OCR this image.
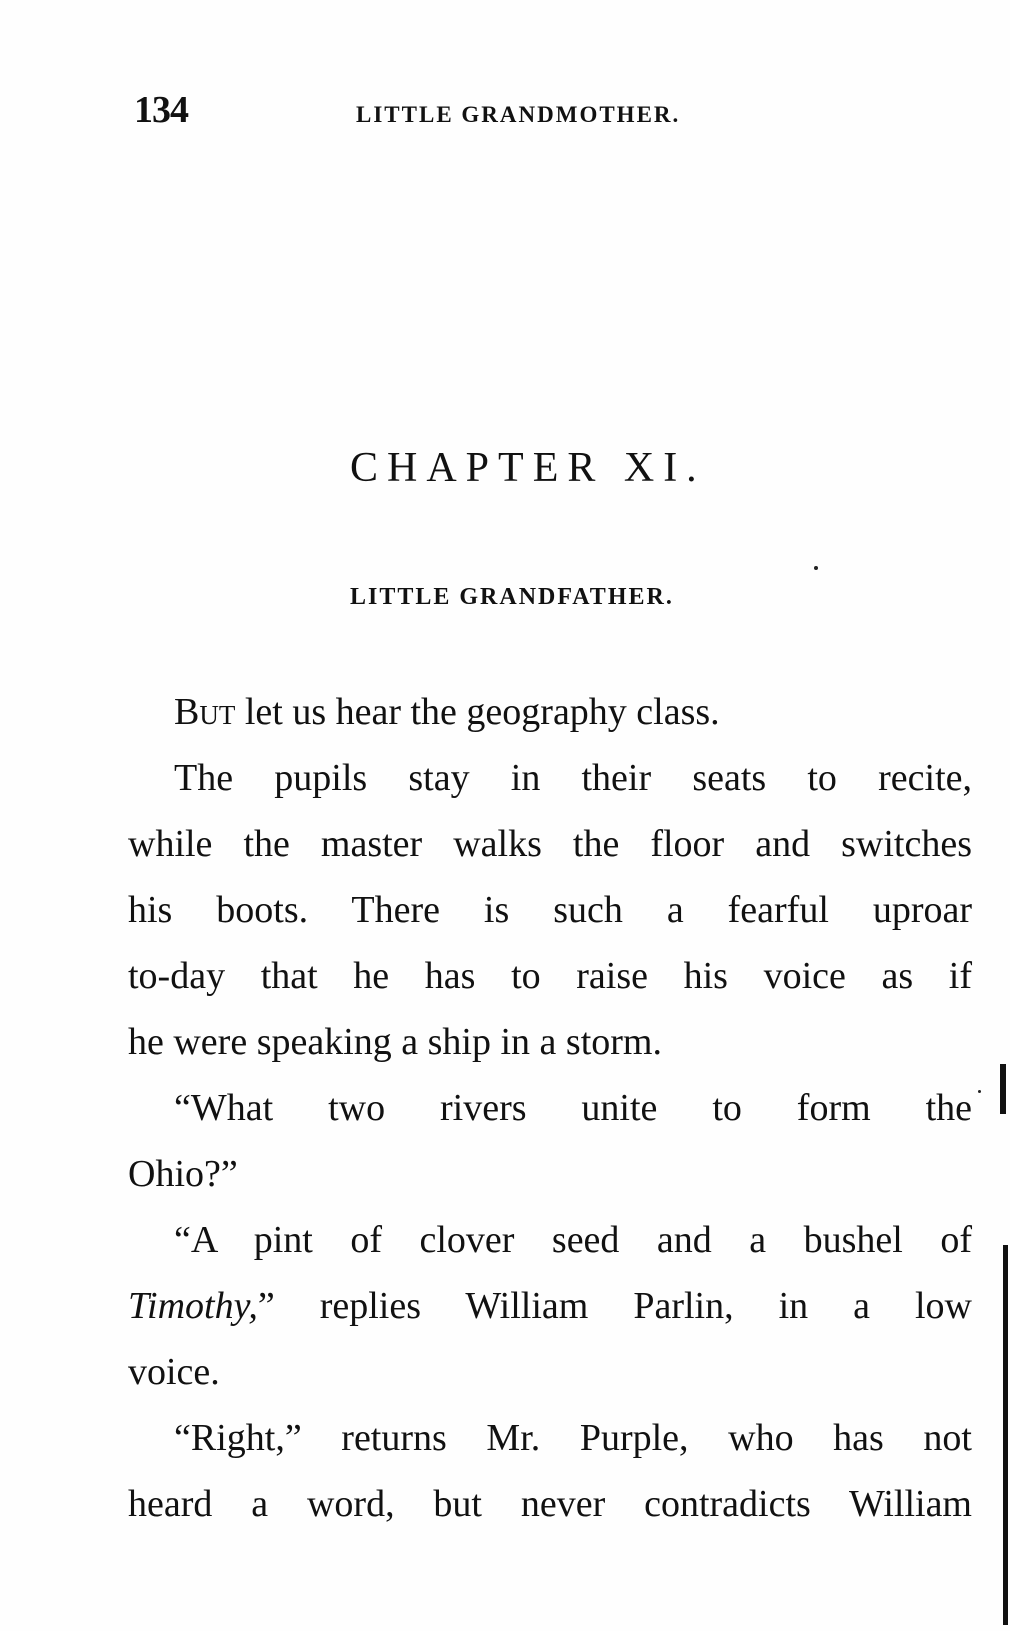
134	LITTLE GRANDMOTHER.
CHAPTER XI.
LITTLE GRANDFATHER.
But let us hear the geography class.
The pupils stay in their seats to recite,
while the master walks the floor and switches
his boots. There is such a fearful uproar
to-day that he has to raise his voice as if
he were speaking a ship in a storm.
“What two rivers unite to form the
Ohio?”
“A pint of clover seed and a bushel of
Timothy,” replies William Parlin, in a low
voice.
“Right,” returns Mr. Purple, who has not
heard a word, but never contradicts William
